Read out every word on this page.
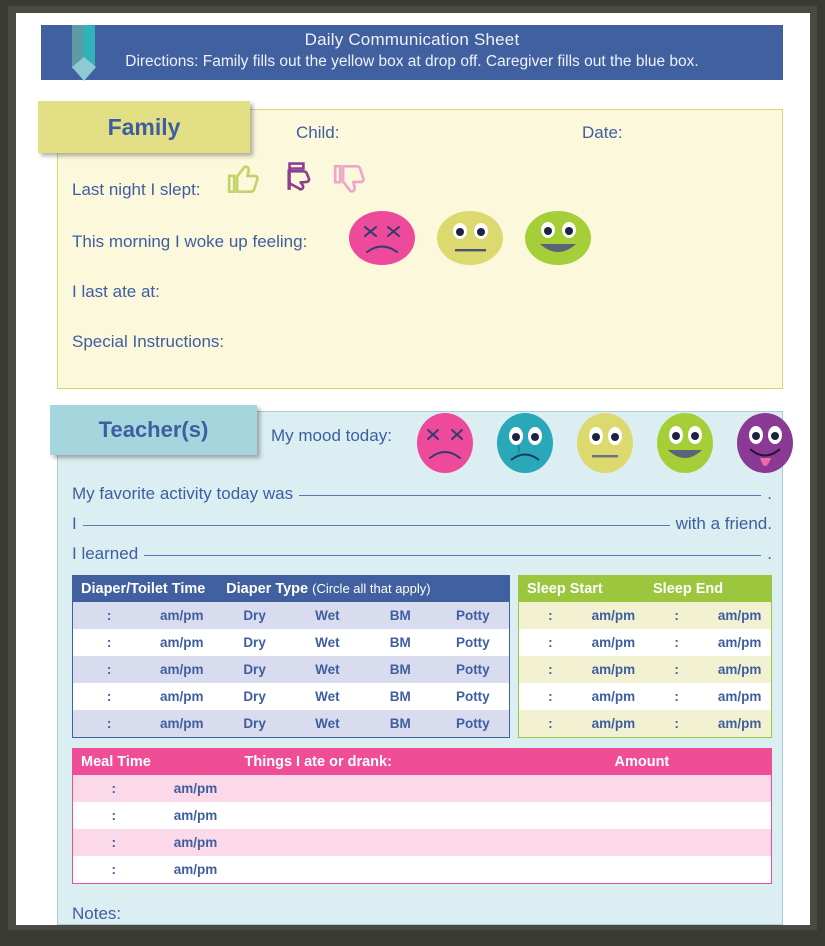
Daily Communication Sheet
Directions: Family fills out the yellow box at drop off. Caregiver fills out the blue box.
Child:	Date:
Last night I slept:
This morning I woke up feeling:
I last ate at:
Special Instructions:
Family
Teacher(s)	My mood today:
My favorite activity today was	.
I	with a friend.
I learned	.
Diaper/Toilet Time		Diaper Type (Circle all that apply)			
:	am/pm	Dry	Wet	BM	Potty
:	am/pm	Dry	Wet	BM	Potty
:	am/pm	Dry	Wet	BM	Potty
:	am/pm	Dry	Wet	BM	Potty
:	am/pm	Dry	Wet	BM	Potty
Sleep Start		Sleep End	
:	am/pm	:	am/pm
:	am/pm	:	am/pm
:	am/pm	:	am/pm
:	am/pm	:	am/pm
:	am/pm	:	am/pm
Meal Time		Things I ate or drank:	Amount
:	am/pm		
:	am/pm		
:	am/pm		
:	am/pm		
Notes:
